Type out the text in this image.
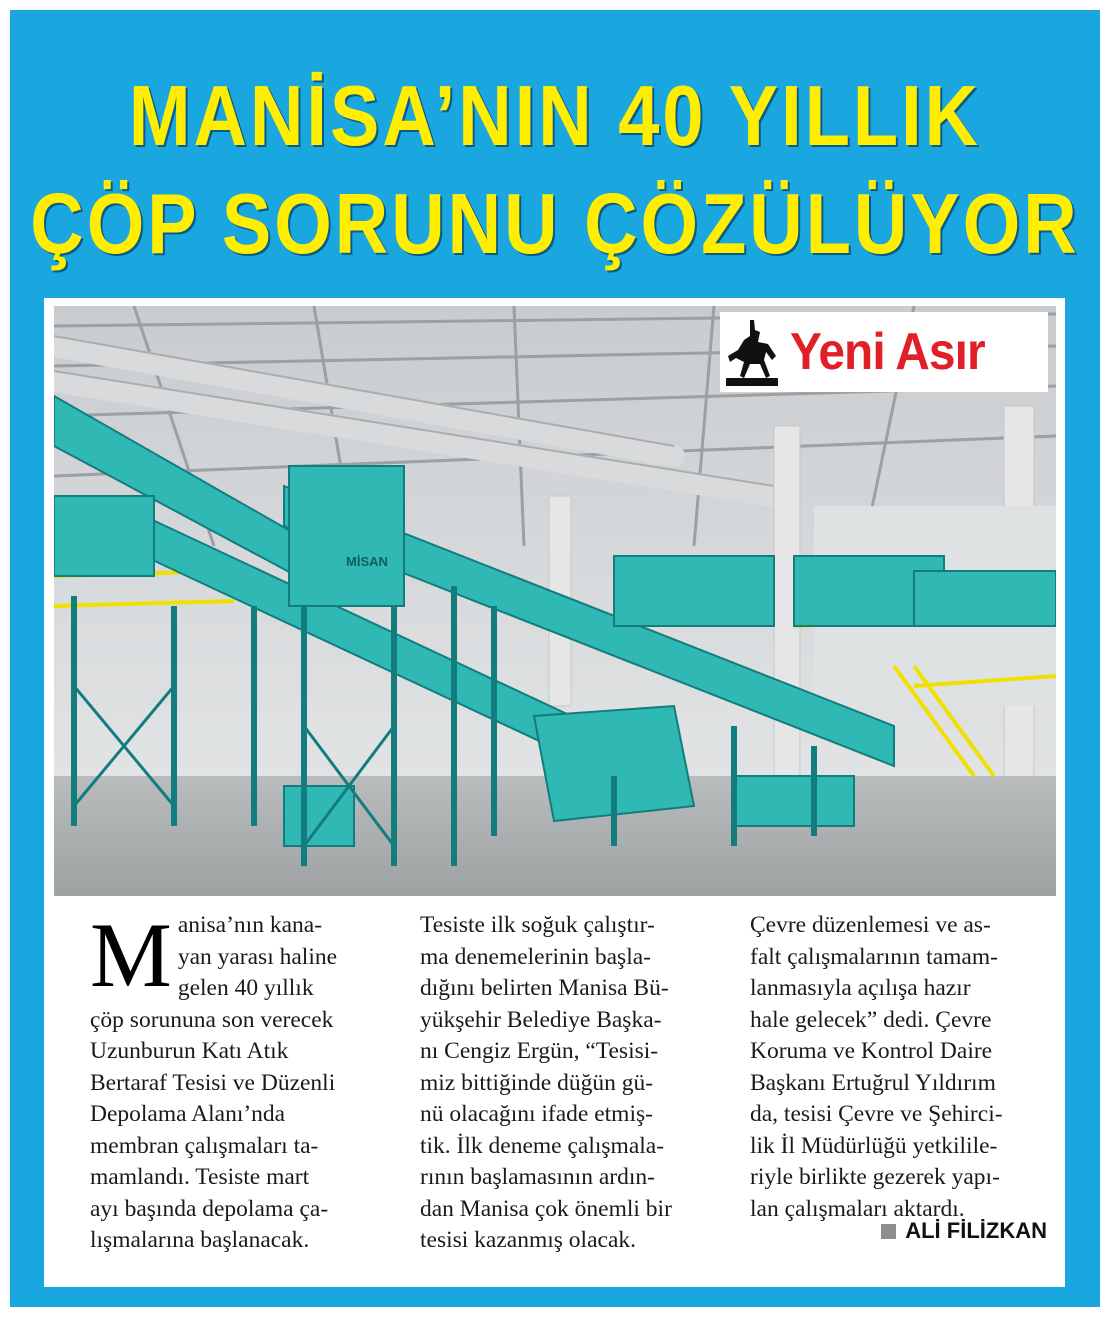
MANİSA’NIN 40 YILLIK
ÇÖP SORUNU ÇÖZÜLÜYOR
MİSAN
Yeni Asır
M anisa’nın kana-
yan yarası haline
gelen 40 yıllık
çöp sorununa son verecek
Uzunburun Katı Atık
Bertaraf Tesisi ve Düzenli
Depolama Alanı’nda
membran çalışmaları ta-
mamlandı. Tesiste mart
ayı başında depolama ça-
lışmalarına başlanacak.
Tesiste ilk soğuk çalıştır-
ma denemelerinin başla-
dığını belirten Manisa Bü-
yükşehir Belediye Başka-
nı Cengiz Ergün, “Tesisi-
miz bittiğinde düğün gü-
nü olacağını ifade etmiş-
tik. İlk deneme çalışmala-
rının başlamasının ardın-
dan Manisa çok önemli bir
tesisi kazanmış olacak.
Çevre düzenlemesi ve as-
falt çalışmalarının tamam-
lanmasıyla açılışa hazır
hale gelecek” dedi. Çevre
Koruma ve Kontrol Daire
Başkanı Ertuğrul Yıldırım
da, tesisi Çevre ve Şehirci-
lik İl Müdürlüğü yetkilile-
riyle birlikte gezerek yapı-
lan çalışmaları aktardı.
ALİ FİLİZKAN
